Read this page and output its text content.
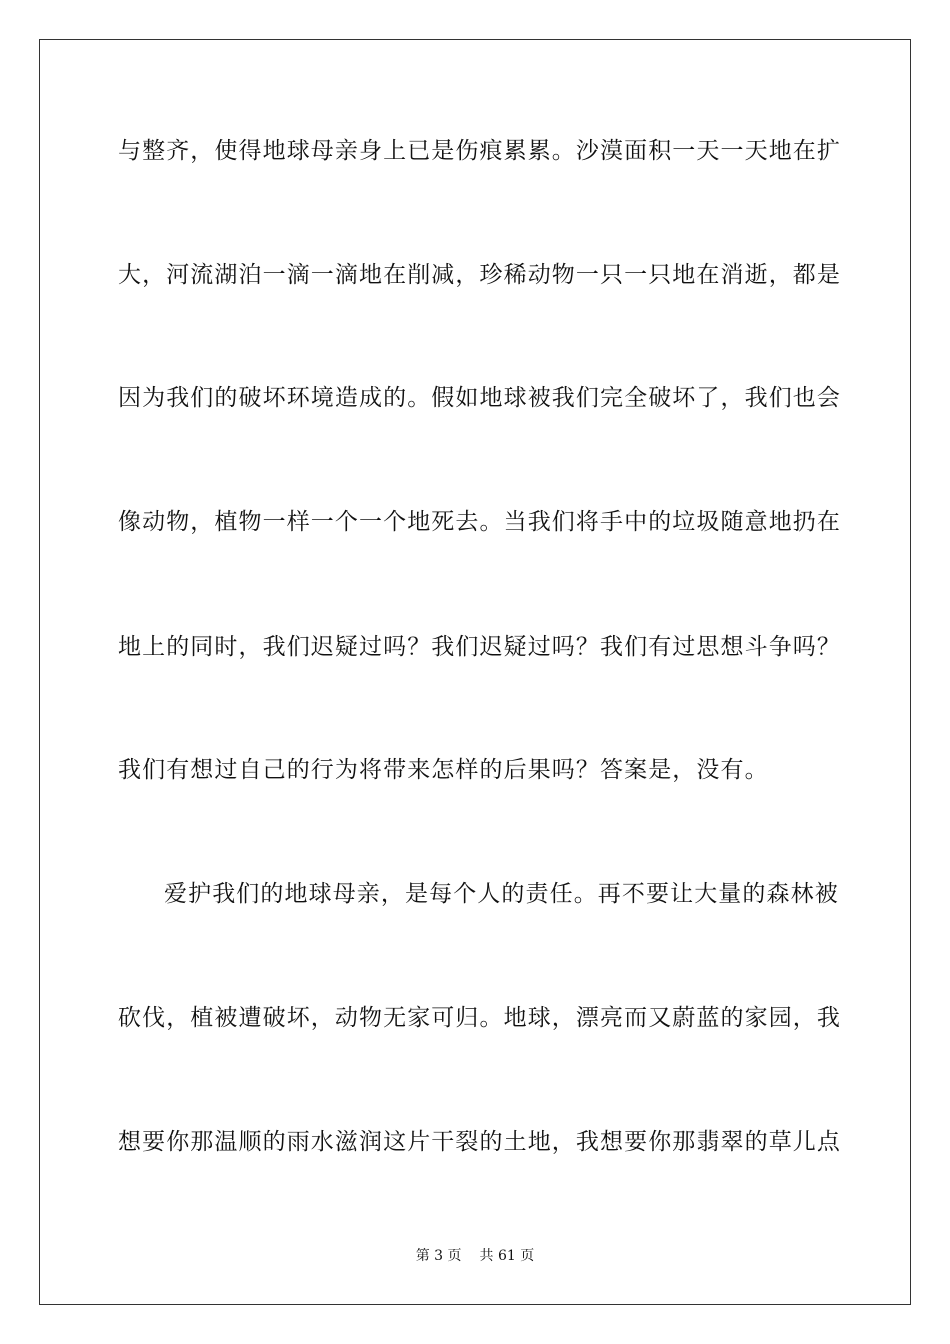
与整齐，使得地球母亲身上已是伤痕累累。沙漠面积一天一天地在扩
大，河流湖泊一滴一滴地在削减，珍稀动物一只一只地在消逝，都是
因为我们的破坏环境造成的。假如地球被我们完全破坏了，我们也会
像动物，植物一样一个一个地死去。当我们将手中的垃圾随意地扔在
地上的同时，我们迟疑过吗？我们迟疑过吗？我们有过思想斗争吗？
我们有想过自己的行为将带来怎样的后果吗？答案是，没有。
爱护我们的地球母亲，是每个人的责任。再不要让大量的森林被
砍伐，植被遭破坏，动物无家可归。地球，漂亮而又蔚蓝的家园，我
想要你那温顺的雨水滋润这片干裂的土地，我想要你那翡翠的草儿点
第 3 页 共 61 页
